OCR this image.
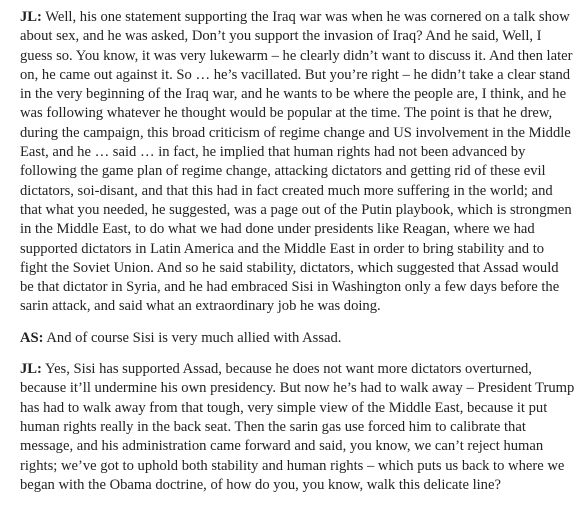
JL: Well, his one statement supporting the Iraq war was when he was cornered on a talk show about sex, and he was asked, Don’t you support the invasion of Iraq? And he said, Well, I guess so. You know, it was very lukewarm – he clearly didn’t want to discuss it. And then later on, he came out against it. So … he’s vacillated. But you’re right – he didn’t take a clear stand in the very beginning of the Iraq war, and he wants to be where the people are, I think, and he was following whatever he thought would be popular at the time. The point is that he drew, during the campaign, this broad criticism of regime change and US involvement in the Middle East, and he … said … in fact, he implied that human rights had not been advanced by following the game plan of regime change, attacking dictators and getting rid of these evil dictators, soi-disant, and that this had in fact created much more suffering in the world; and that what you needed, he suggested, was a page out of the Putin playbook, which is strongmen in the Middle East, to do what we had done under presidents like Reagan, where we had supported dictators in Latin America and the Middle East in order to bring stability and to fight the Soviet Union. And so he said stability, dictators, which suggested that Assad would be that dictator in Syria, and he had embraced Sisi in Washington only a few days before the sarin attack, and said what an extraordinary job he was doing.

AS: And of course Sisi is very much allied with Assad.

JL: Yes, Sisi has supported Assad, because he does not want more dictators overturned, because it’ll undermine his own presidency. But now he’s had to walk away – President Trump has had to walk away from that tough, very simple view of the Middle East, because it put human rights really in the back seat. Then the sarin gas use forced him to calibrate that message, and his administration came forward and said, you know, we can’t reject human rights; we’ve got to uphold both stability and human rights – which puts us back to where we began with the Obama doctrine, of how do you, you know, walk this delicate line?
